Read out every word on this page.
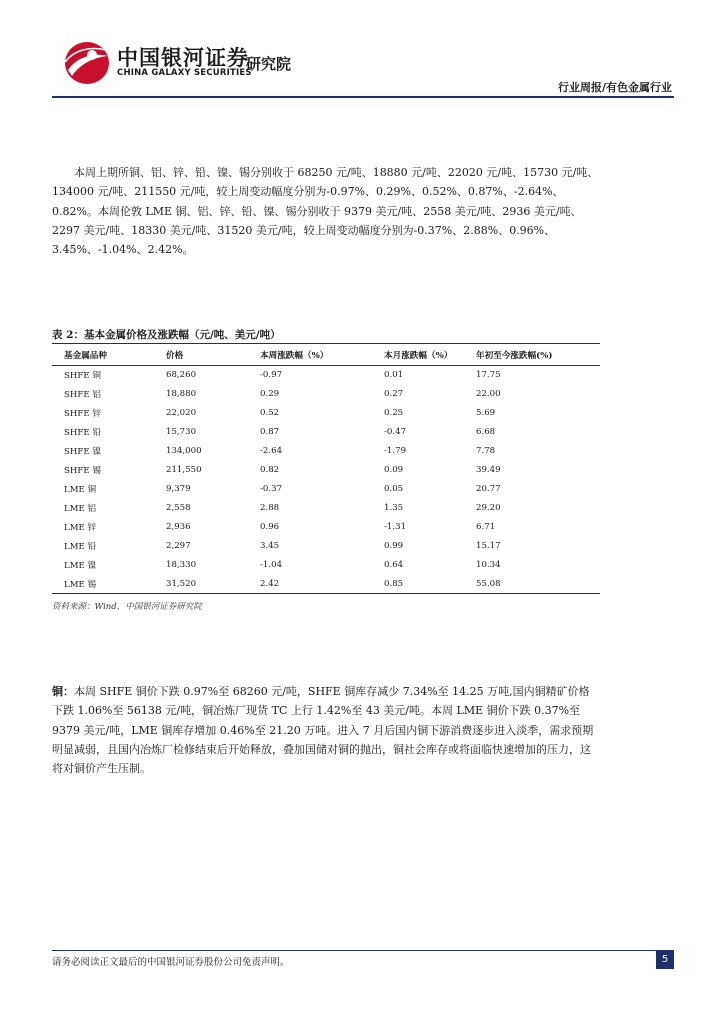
中国银河证券
CHINA GALAXY SECURITIES
研究院
行业周报/有色金属行业

本周上期所铜、铝、锌、铅、镍、锡分别收于 68250 元/吨、18880 元/吨、22020 元/吨、15730 元/吨、134000 元/吨、211550 元/吨，较上周变动幅度分别为-0.97%、0.29%、0.52%、0.87%、-2.64%、0.82%。本周伦敦 LME 铜、铝、锌、铅、镍、锡分别收于 9379 美元/吨、2558 美元/吨、2936 美元/吨、2297 美元/吨、18330 美元/吨、31520 美元/吨，较上周变动幅度分别为-0.37%、2.88%、0.96%、3.45%、-1.04%、2.42%。

表 2：基本金属价格及涨跌幅（元/吨、美元/吨）
基金属品种	价格	本周涨跌幅（%）	本月涨跌幅（%）	年初至今涨跌幅(%)
SHFE 铜	68,260	-0.97	0.01	17.75
SHFE 铝	18,880	0.29	0.27	22.00
SHFE 锌	22,020	0.52	0.25	5.69
SHFE 铅	15,730	0.87	-0.47	6.68
SHFE 镍	134,000	-2.64	-1.79	7.78
SHFE 锡	211,550	0.82	0.09	39.49
LME 铜	9,379	-0.37	0.05	20.77
LME 铝	2,558	2.88	1.35	29.20
LME 锌	2,936	0.96	-1.31	6.71
LME 铅	2,297	3.45	0.99	15.17
LME 镍	18,330	-1.04	0.64	10.34
LME 锡	31,520	2.42	0.85	55.08
资料来源：Wind，中国银河证券研究院

铜：本周 SHFE 铜价下跌 0.97%至 68260 元/吨，SHFE 铜库存减少 7.34%至 14.25 万吨,国内铜精矿价格下跌 1.06%至 56138 元/吨，铜冶炼厂现货 TC 上行 1.42%至 43 美元/吨。本周 LME 铜价下跌 0.37%至 9379 美元/吨，LME 铜库存增加 0.46%至 21.20 万吨。进入 7 月后国内铜下游消费逐步进入淡季，需求预期明显减弱，且国内冶炼厂检修结束后开始释放，叠加国储对铜的抛出，铜社会库存或将面临快速增加的压力，这将对铜价产生压制。

请务必阅读正文最后的中国银河证券股份公司免责声明。	5
